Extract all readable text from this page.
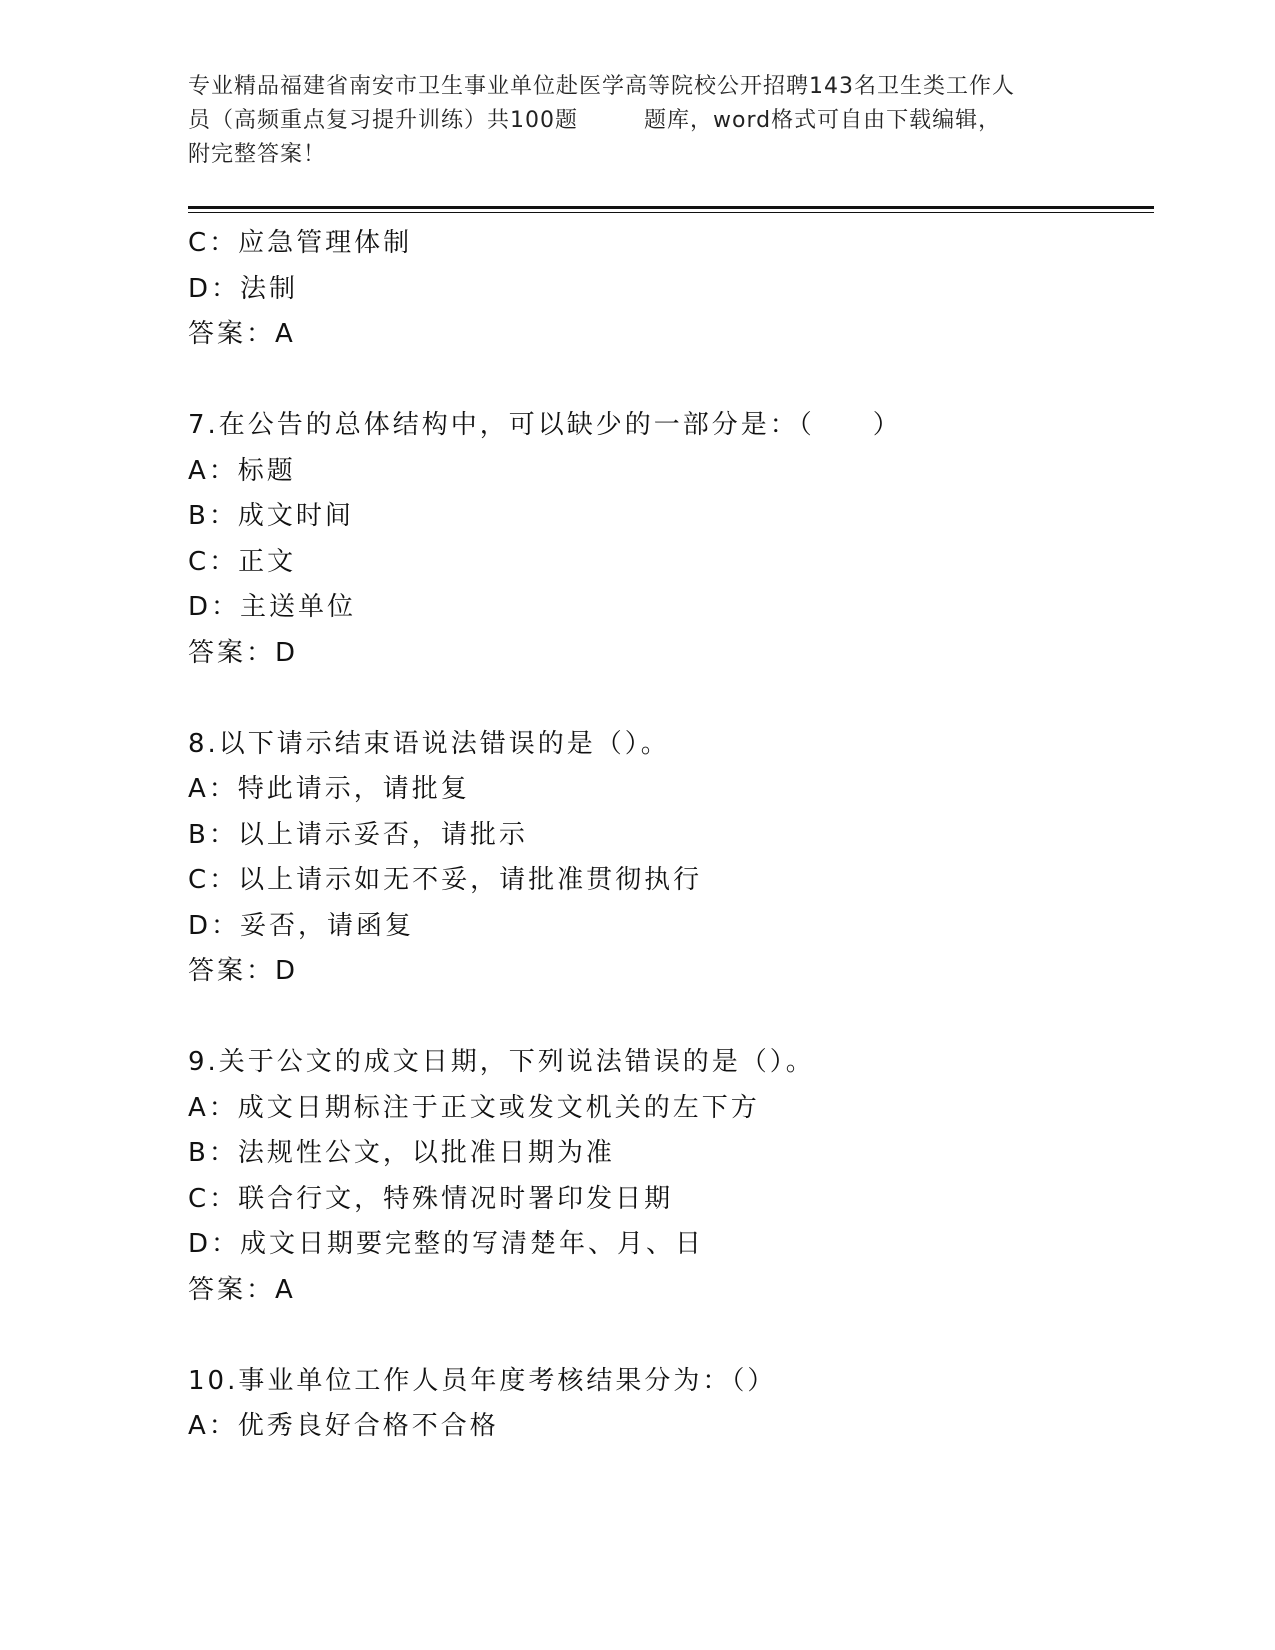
专业精品福建省南安市卫生事业单位赴医学高等院校公开招聘143名卫生类工作人
员（高频重点复习提升训练）共100题	题库，word格式可自由下载编辑，
附完整答案！
C：应急管理体制
D：法制
答案：A
7.在公告的总体结构中，可以缺少的一部分是：（　　）
A：标题
B：成文时间
C：正文
D：主送单位
答案：D
8.以下请示结束语说法错误的是（）。
A：特此请示，请批复
B：以上请示妥否，请批示
C：以上请示如无不妥，请批准贯彻执行
D：妥否，请函复
答案：D
9.关于公文的成文日期，下列说法错误的是（）。
A：成文日期标注于正文或发文机关的左下方
B：法规性公文，以批准日期为准
C：联合行文，特殊情况时署印发日期
D：成文日期要完整的写清楚年、月、日
答案：A
10.事业单位工作人员年度考核结果分为：（）
A：优秀良好合格不合格
